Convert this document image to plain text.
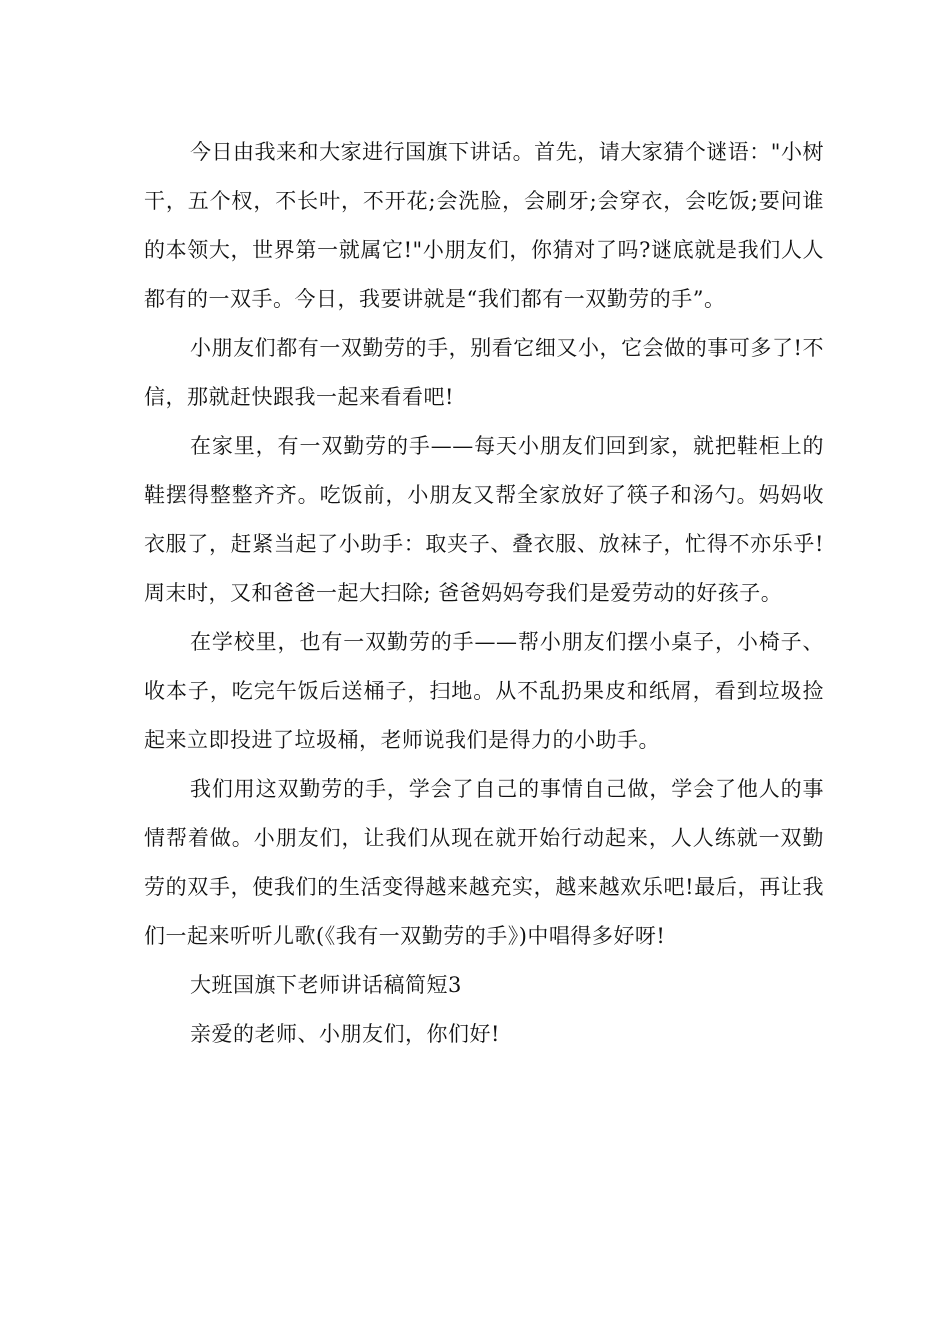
今日由我来和大家进行国旗下讲话。首先，请大家猜个谜语："小树干，五个杈，不长叶，不开花;会洗脸，会刷牙;会穿衣，会吃饭;要问谁的本领大，世界第一就属它!"小朋友们，你猜对了吗?谜底就是我们人人都有的一双手。今日，我要讲就是“我们都有一双勤劳的手”。

小朋友们都有一双勤劳的手，别看它细又小，它会做的事可多了!不信，那就赶快跟我一起来看看吧!

在家里，有一双勤劳的手——每天小朋友们回到家，就把鞋柜上的鞋摆得整整齐齐。吃饭前，小朋友又帮全家放好了筷子和汤勺。妈妈收衣服了，赶紧当起了小助手：取夹子、叠衣服、放袜子，忙得不亦乐乎!周末时，又和爸爸一起大扫除; 爸爸妈妈夸我们是爱劳动的好孩子。

在学校里，也有一双勤劳的手——帮小朋友们摆小桌子，小椅子、收本子，吃完午饭后送桶子，扫地。从不乱扔果皮和纸屑，看到垃圾捡起来立即投进了垃圾桶，老师说我们是得力的小助手。

我们用这双勤劳的手，学会了自己的事情自己做，学会了他人的事情帮着做。小朋友们，让我们从现在就开始行动起来，人人练就一双勤劳的双手，使我们的生活变得越来越充实，越来越欢乐吧!最后，再让我们一起来听听儿歌(《我有一双勤劳的手》)中唱得多好呀!

大班国旗下老师讲话稿简短3

亲爱的老师、小朋友们，你们好!
